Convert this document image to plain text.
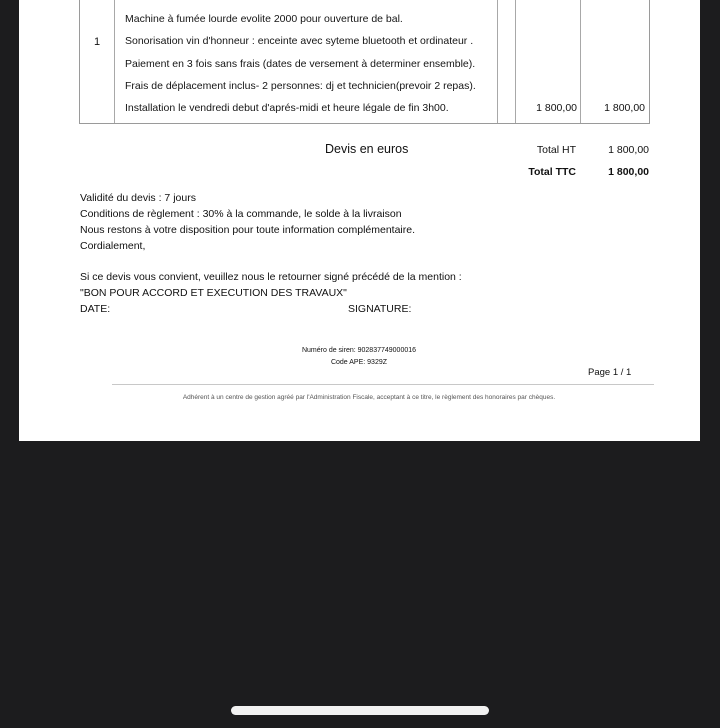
1
Machine à fumée lourde evolite 2000 pour ouverture de bal.
Sonorisation vin d'honneur : enceinte avec syteme bluetooth et ordinateur .
Paiement en 3 fois sans frais (dates de versement à determiner ensemble).
Frais de déplacement inclus- 2 personnes: dj et technicien(prevoir 2 repas).
Installation le vendredi debut d'aprés-midi et heure légale de fin 3h00.	1 800,00	1 800,00
Devis en euros	Total HT	1 800,00
Total TTC	1 800,00
Validité du devis : 7 jours
Conditions de règlement : 30% à la commande, le solde à la livraison
Nous restons à votre disposition pour toute information complémentaire.
Cordialement,
Si ce devis vous convient, veuillez nous le retourner signé précédé de la mention :
"BON POUR ACCORD ET EXECUTION DES TRAVAUX"
DATE:	SIGNATURE:
Numéro de siren: 902837749000016
Code APE: 9329Z
Page 1 / 1
Adhérent à un centre de gestion agréé par l'Administration Fiscale, acceptant à ce titre, le règlement des honoraires par chèques.
